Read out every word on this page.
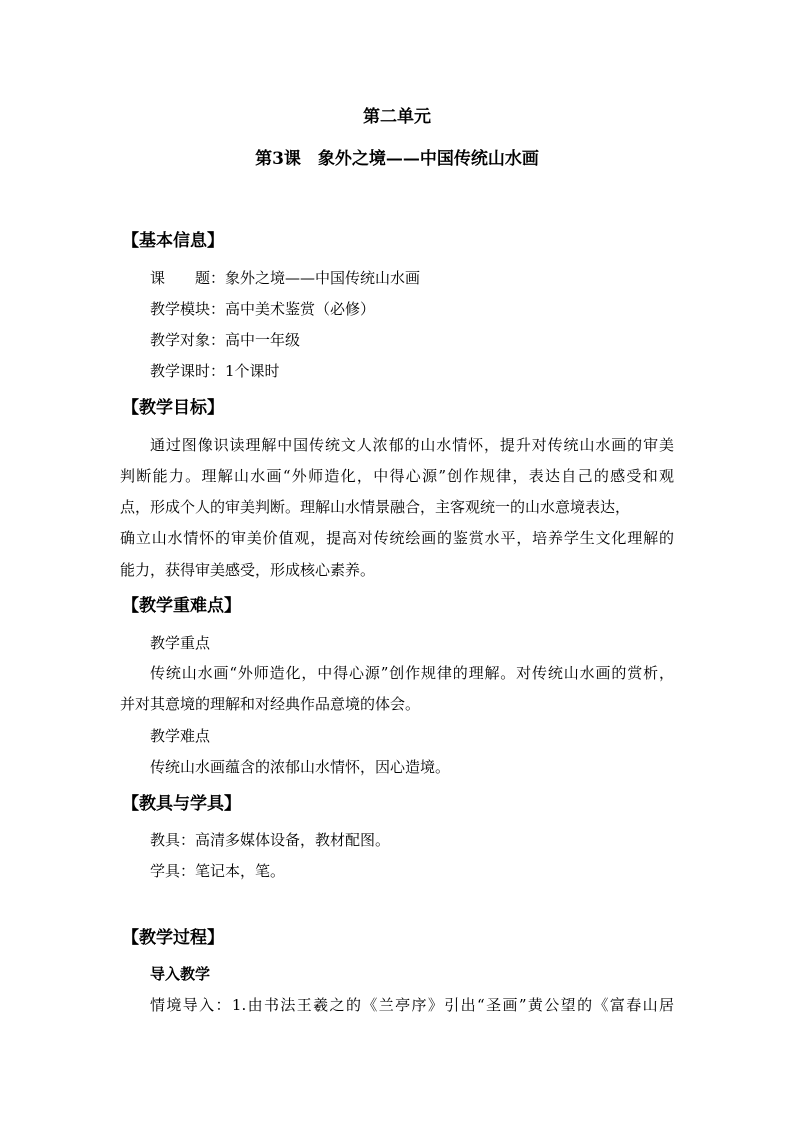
第二单元
第3课　象外之境——中国传统山水画
【基本信息】
课　　题：象外之境——中国传统山水画
教学模块：高中美术鉴赏（必修）
教学对象：高中一年级
教学课时：1个课时
【教学目标】
通过图像识读理解中国传统文人浓郁的山水情怀，提升对传统山水画的审美
判断能力。理解山水画“外师造化，中得心源”创作规律，表达自己的感受和观
点，形成个人的审美判断。理解山水情景融合，主客观统一的山水意境表达，
确立山水情怀的审美价值观，提高对传统绘画的鉴赏水平，培养学生文化理解的
能力，获得审美感受，形成核心素养。
【教学重难点】
教学重点
传统山水画“外师造化，中得心源”创作规律的理解。对传统山水画的赏析，
并对其意境的理解和对经典作品意境的体会。
教学难点
传统山水画蕴含的浓郁山水情怀，因心造境。
【教具与学具】
教具：高清多媒体设备，教材配图。
学具：笔记本，笔。
【教学过程】
导入教学
情境导入：1.由书法王羲之的《兰亭序》引出“圣画”黄公望的《富春山居
